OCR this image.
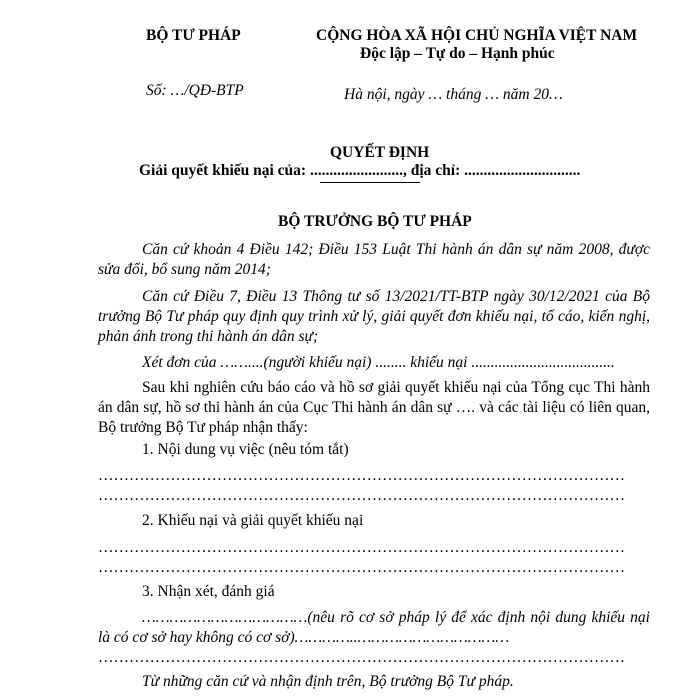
BỘ TƯ PHÁP	CỘNG HÒA XÃ HỘI CHỦ NGHĨA VIỆT NAM
Độc lập – Tự do – Hạnh phúc
Số: …/QĐ-BTP	Hà nội, ngày … tháng … năm 20…
QUYẾT ĐỊNH
Giải quyết khiếu nại của: ........................, địa chỉ: ..............................
BỘ TRƯỞNG BỘ TƯ PHÁP
Căn cứ khoản 4 Điều 142; Điều 153 Luật Thi hành án dân sự năm 2008, được sửa đổi, bổ sung năm 2014;
Căn cứ Điều 7, Điều 13 Thông tư số 13/2021/TT-BTP ngày 30/12/2021 của Bộ trưởng Bộ Tư pháp quy định quy trình xử lý, giải quyết đơn khiếu nại, tố cáo, kiến nghị, phản ánh trong thi hành án dân sự;
Xét đơn của ……....(người khiếu nại) ........ khiếu nại .....................................
Sau khi nghiên cứu báo cáo và hồ sơ giải quyết khiếu nại của Tổng cục Thi hành án dân sự, hồ sơ thi hành án của Cục Thi hành án dân sự …. và các tài liệu có liên quan, Bộ trưởng Bộ Tư pháp nhận thấy:
1. Nội dung vụ việc (nêu tóm tắt)
…………………………………………………………………………………………
…………………………………………………………………………………………
2. Khiếu nại và giải quyết khiếu nại
…………………………………………………………………………………………
…………………………………………………………………………………………
3. Nhận xét, đánh giá
………………………………(nêu rõ cơ sở pháp lý để xác định nội dung khiếu nại là có cơ sở hay không có cơ sở)…………..……………………………
…………………………………………………………………………………………
Từ những căn cứ và nhận định trên, Bộ trưởng Bộ Tư pháp.
